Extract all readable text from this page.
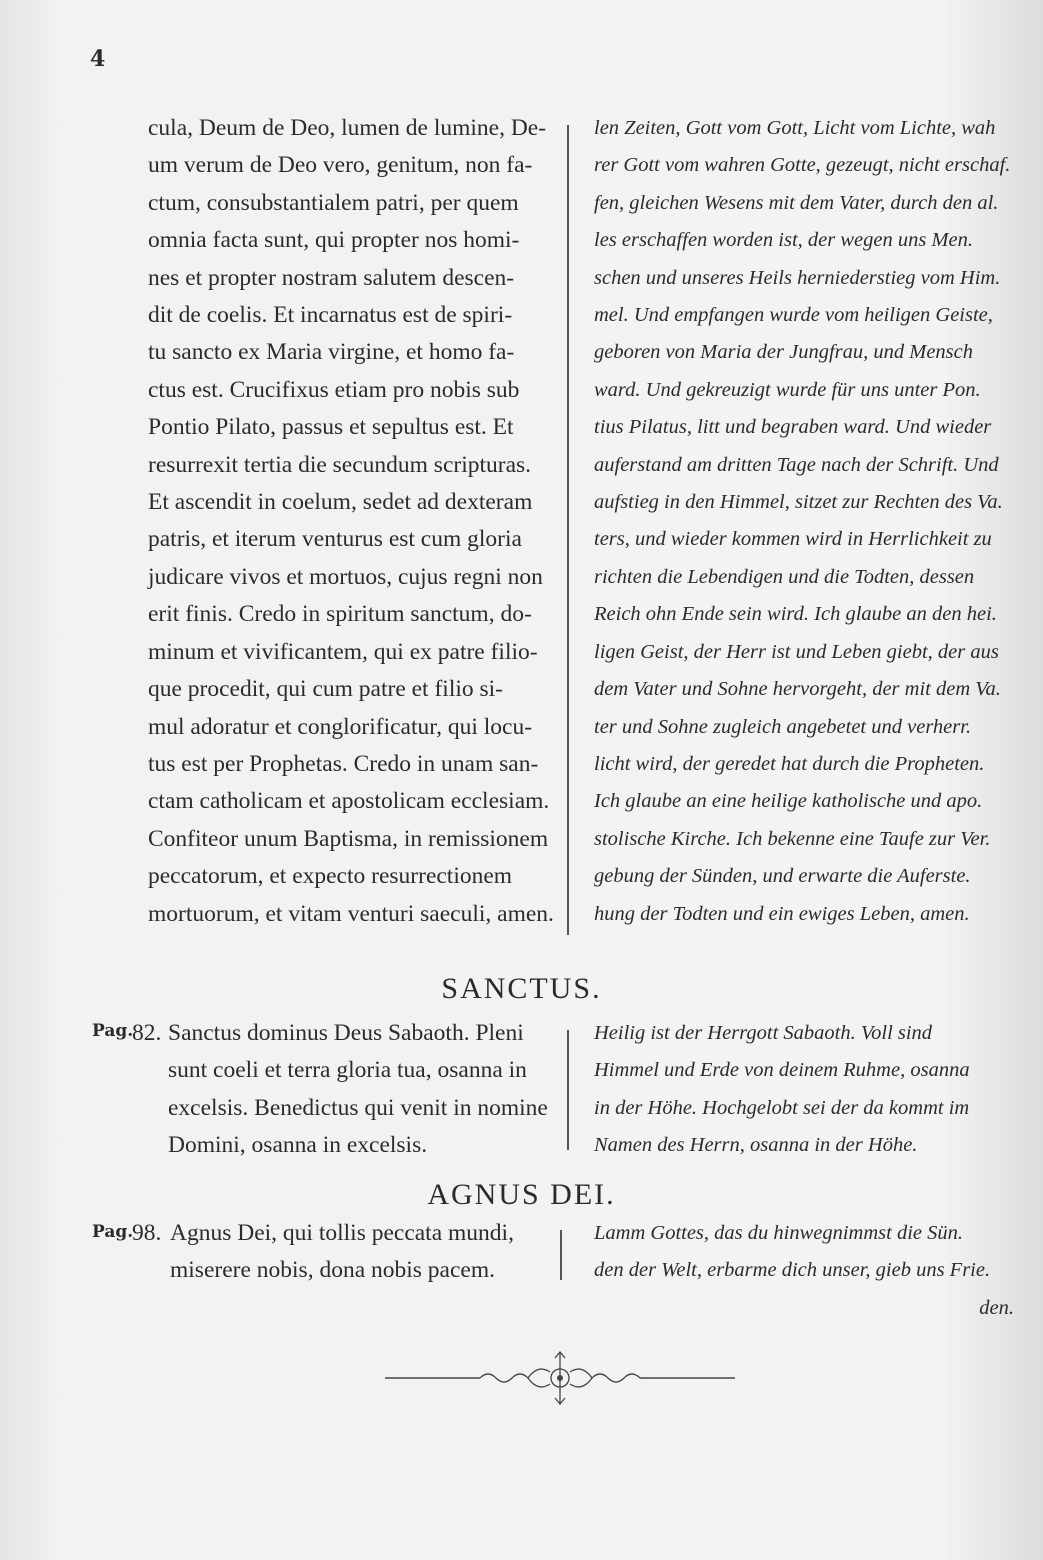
4
cula, Deum de Deo, lumen de lumine, De-
um verum de Deo vero, genitum, non fa-
ctum, consubstantialem patri, per quem
omnia facta sunt, qui propter nos homi-
nes et propter nostram salutem descen-
dit de coelis. Et incarnatus est de spiri-
tu sancto ex Maria virgine, et homo fa-
ctus est. Crucifixus etiam pro nobis sub
Pontio Pilato, passus et sepultus est. Et
resurrexit tertia die secundum scripturas.
Et ascendit in coelum, sedet ad dexteram
patris, et iterum venturus est cum gloria
judicare vivos et mortuos, cujus regni non
erit finis. Credo in spiritum sanctum, do-
minum et vivificantem, qui ex patre filio-
que procedit, qui cum patre et filio si-
mul adoratur et conglorificatur, qui locu-
tus est per Prophetas. Credo in unam san-
ctam catholicam et apostolicam ecclesiam.
Confiteor unum Baptisma, in remissionem
peccatorum, et expecto resurrectionem
mortuorum, et vitam venturi saeculi, amen.
len Zeiten, Gott vom Gott, Licht vom Lichte, wah
rer Gott vom wahren Gotte, gezeugt, nicht erschaf.
fen, gleichen Wesens mit dem Vater, durch den al.
les erschaffen worden ist, der wegen uns Men.
schen und unseres Heils herniederstieg vom Him.
mel. Und empfangen wurde vom heiligen Geiste,
geboren von Maria der Jungfrau, und Mensch
ward. Und gekreuzigt wurde für uns unter Pon.
tius Pilatus, litt und begraben ward. Und wieder
auferstand am dritten Tage nach der Schrift. Und
aufstieg in den Himmel, sitzet zur Rechten des Va.
ters, und wieder kommen wird in Herrlichkeit zu
richten die Lebendigen und die Todten, dessen
Reich ohn Ende sein wird. Ich glaube an den hei.
ligen Geist, der Herr ist und Leben giebt, der aus
dem Vater und Sohne hervorgeht, der mit dem Va.
ter und Sohne zugleich angebetet und verherr.
licht wird, der geredet hat durch die Propheten.
Ich glaube an eine heilige katholische und apo.
stolische Kirche. Ich bekenne eine Taufe zur Ver.
gebung der Sünden, und erwarte die Auferste.
hung der Todten und ein ewiges Leben, amen.
SANCTUS.
Pag.
82. Sanctus dominus Deus Sabaoth. Pleni
sunt coeli et terra gloria tua, osanna in
excelsis. Benedictus qui venit in nomine
Domini, osanna in excelsis.
Heilig ist der Herrgott Sabaoth. Voll sind
Himmel und Erde von deinem Ruhme, osanna
in der Höhe. Hochgelobt sei der da kommt im
Namen des Herrn, osanna in der Höhe.
AGNUS DEI.
Pag.
98. Agnus Dei, qui tollis peccata mundi,
miserere nobis, dona nobis pacem.
Lamm Gottes, das du hinwegnimmst die Sün.
den der Welt, erbarme dich unser, gieb uns Frie.
den.
